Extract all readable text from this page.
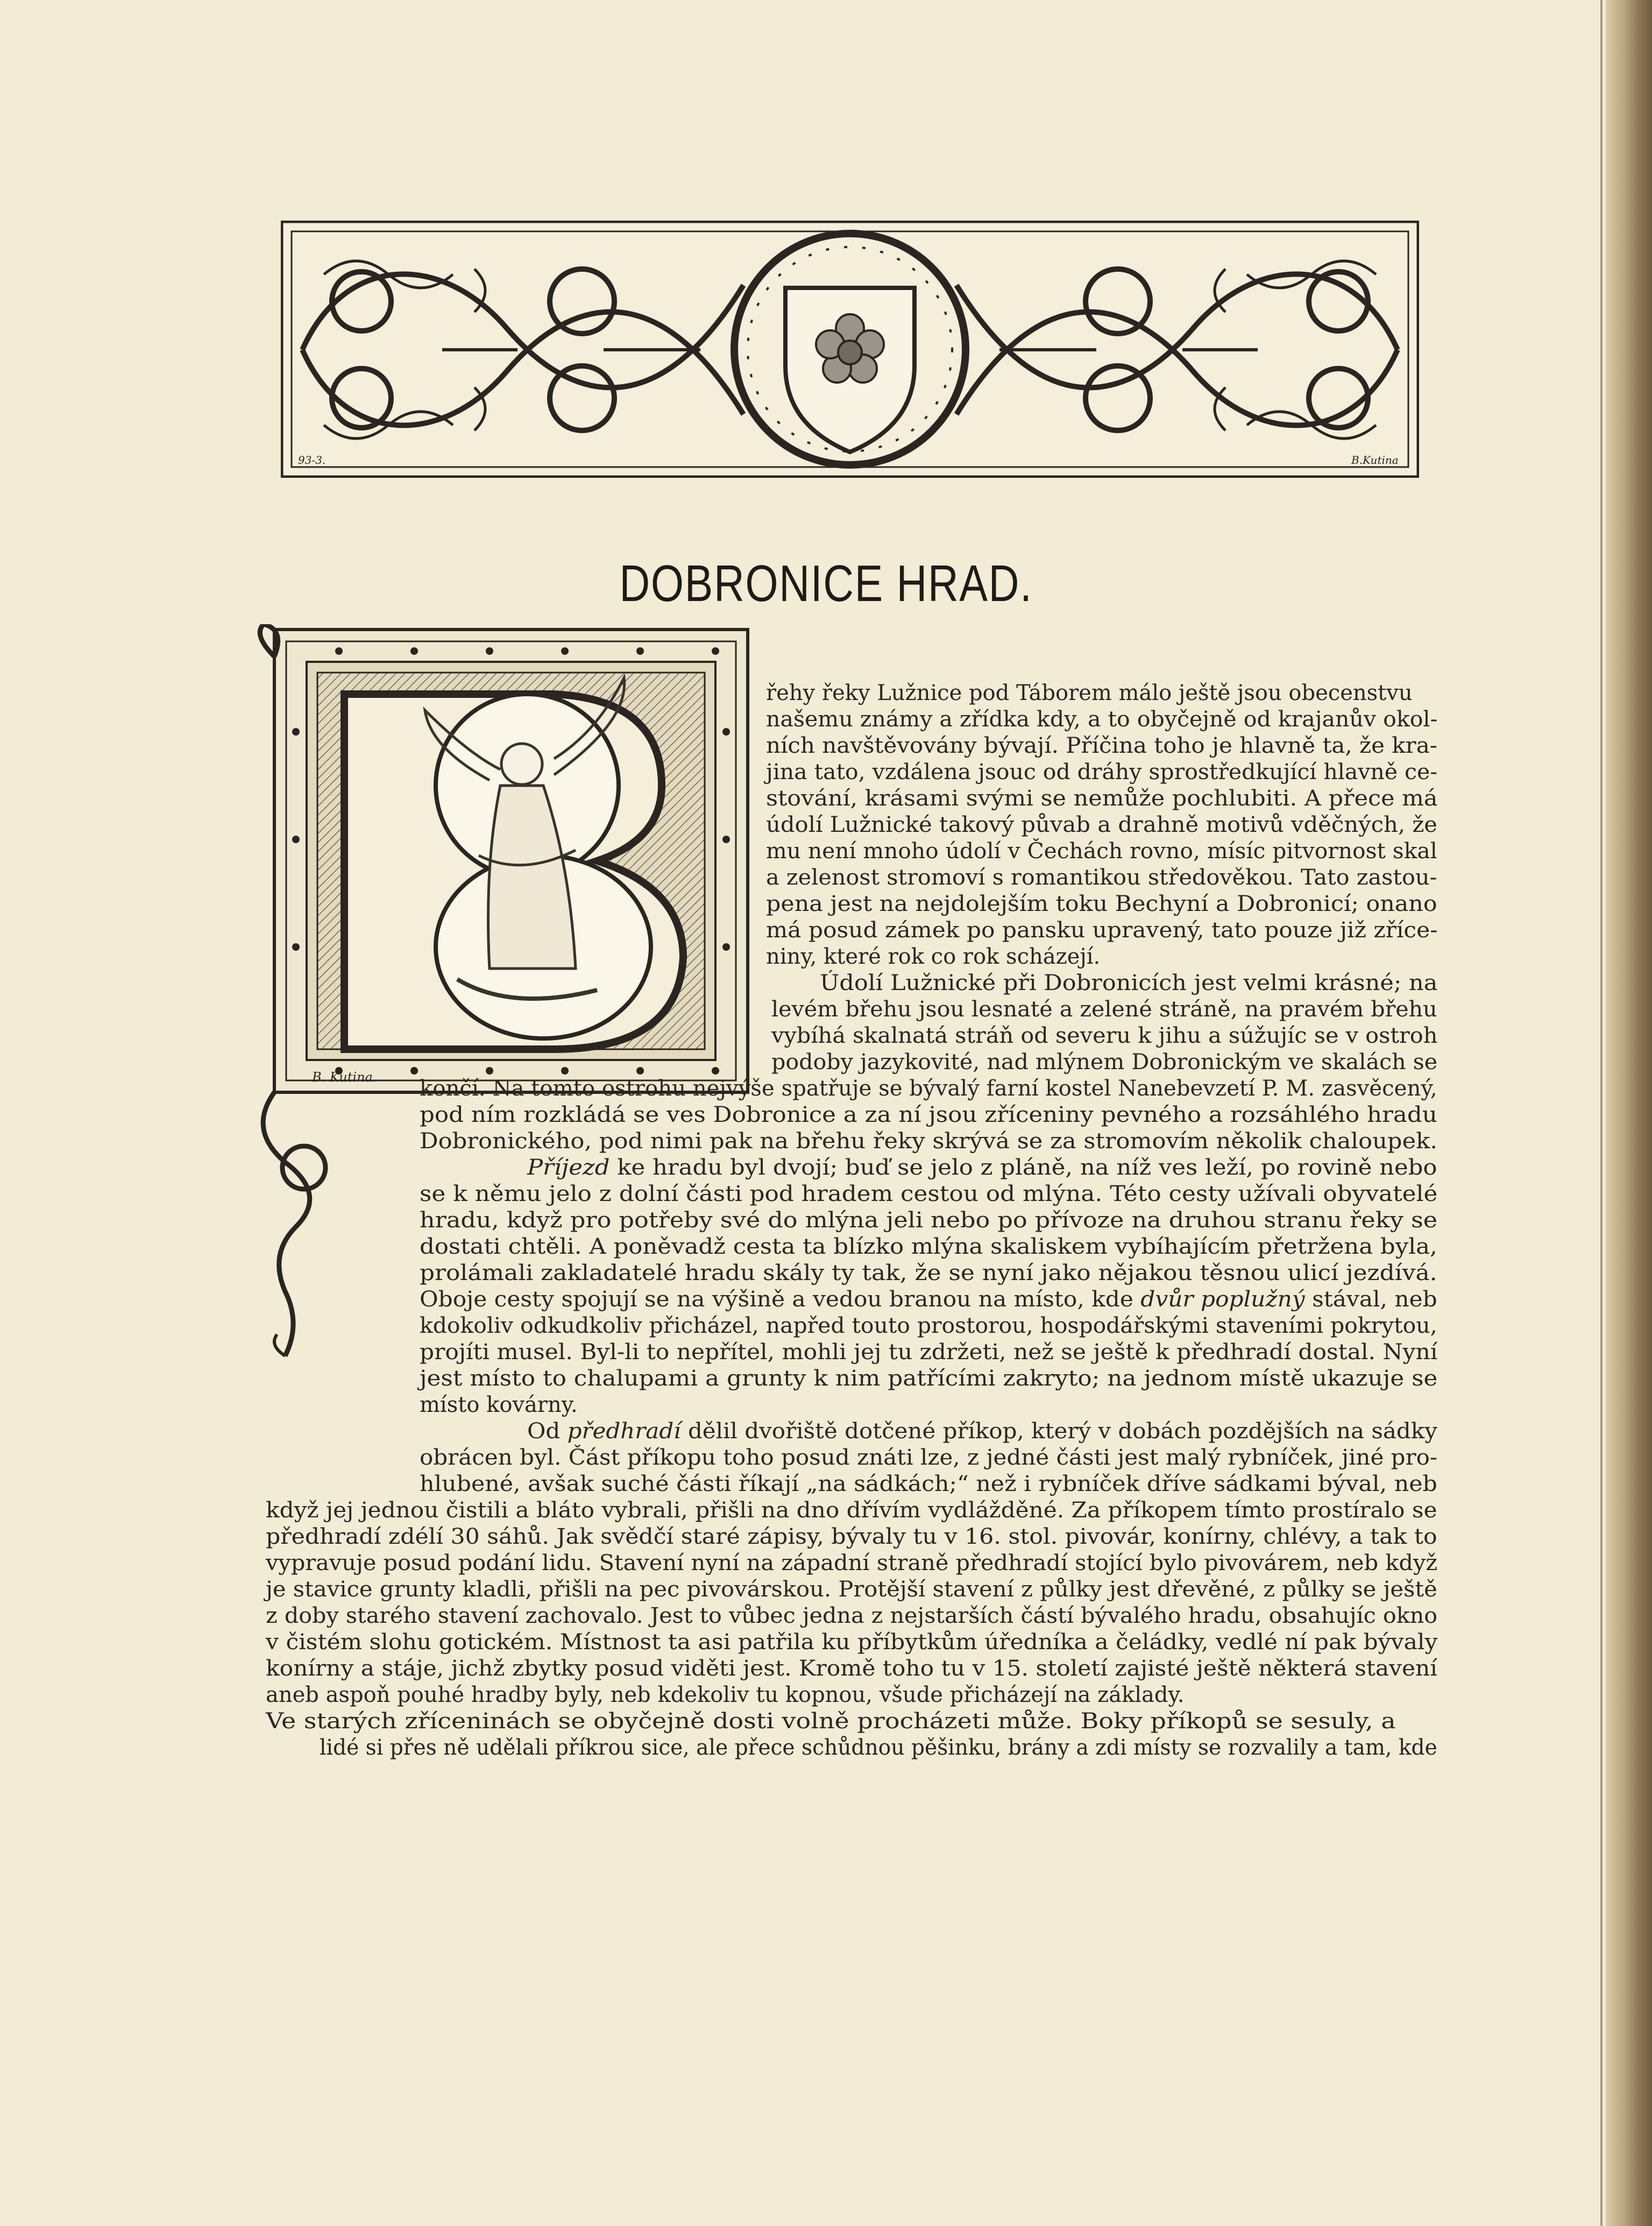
93-3.	B.Kutina
DOBRONICE HRAD.
B. Kutina.
řehy řeky Lužnice pod Táborem málo ještě jsou obecenstvu
našemu známy a zřídka kdy, a to obyčejně od krajanův okol-
ních navštěvovány bývají. Příčina toho je hlavně ta, že kra-
jina tato, vzdálena jsouc od dráhy sprostředkující hlavně ce-
stování, krásami svými se nemůže pochlubiti. A přece má
údolí Lužnické takový půvab a drahně motivů vděčných, že
mu není mnoho údolí v Čechách rovno, mísíc pitvornost skal
a zelenost stromoví s romantikou středověkou. Tato zastou-
pena jest na nejdolejším toku Bechyní a Dobronicí; onano
má posud zámek po pansku upravený, tato pouze již zříce-
niny, které rok co rok scházejí.
Údolí Lužnické při Dobronicích jest velmi krásné; na
levém břehu jsou lesnaté a zelené stráně, na pravém břehu
vybíhá skalnatá stráň od severu k jihu a súžujíc se v ostroh
podoby jazykovité, nad mlýnem Dobronickým ve skalách se
končí. Na tomto ostrohu nejvýše spatřuje se bývalý farní kostel Nanebevzetí P. M. zasvěcený,
pod ním rozkládá se ves Dobronice a za ní jsou zříceniny pevného a rozsáhlého hradu
Dobronického, pod nimi pak na břehu řeky skrývá se za stromovím několik chaloupek.
Příjezd ke hradu byl dvojí; buď se jelo z pláně, na níž ves leží, po rovině nebo
se k němu jelo z dolní části pod hradem cestou od mlýna. Této cesty užívali obyvatelé
hradu, když pro potřeby své do mlýna jeli nebo po přívoze na druhou stranu řeky se
dostati chtěli. A poněvadž cesta ta blízko mlýna skaliskem vybíhajícím přetržena byla,
prolámali zakladatelé hradu skály ty tak, že se nyní jako nějakou těsnou ulicí jezdívá.
Oboje cesty spojují se na výšině a vedou branou na místo, kde dvůr poplužný stával, neb
kdokoliv odkudkoliv přicházel, napřed touto prostorou, hospodářskými staveními pokrytou,
projíti musel. Byl-li to nepřítel, mohli jej tu zdržeti, než se ještě k předhradí dostal. Nyní
jest místo to chalupami a grunty k nim patřícími zakryto; na jednom místě ukazuje se
místo kovárny.
Od předhradí dělil dvořiště dotčené příkop, který v dobách pozdějších na sádky
obrácen byl. Část příkopu toho posud znáti lze, z jedné části jest malý rybníček, jiné pro-
hlubené, avšak suché části říkají „na sádkách;“ než i rybníček dříve sádkami býval, neb
když jej jednou čistili a bláto vybrali, přišli na dno dřívím vydlážděné. Za příkopem tímto prostíralo se
předhradí zdélí 30 sáhů. Jak svědčí staré zápisy, bývaly tu v 16. stol. pivovár, konírny, chlévy, a tak to
vypravuje posud podání lidu. Stavení nyní na západní straně předhradí stojící bylo pivovárem, neb když
je stavice grunty kladli, přišli na pec pivovárskou. Protější stavení z půlky jest dřevěné, z půlky se ještě
z doby starého stavení zachovalo. Jest to vůbec jedna z nejstarších částí bývalého hradu, obsahujíc okno
v čistém slohu gotickém. Místnost ta asi patřila ku příbytkům úředníka a čeládky, vedlé ní pak bývaly
konírny a stáje, jichž zbytky posud viděti jest. Kromě toho tu v 15. století zajisté ještě některá stavení
aneb aspoň pouhé hradby byly, neb kdekoliv tu kopnou, všude přicházejí na základy.
Ve starých zříceninách se obyčejně dosti volně procházeti může. Boky příkopů se sesuly, a
lidé si přes ně udělali příkrou sice, ale přece schůdnou pěšinku, brány a zdi místy se rozvalily a tam, kde
